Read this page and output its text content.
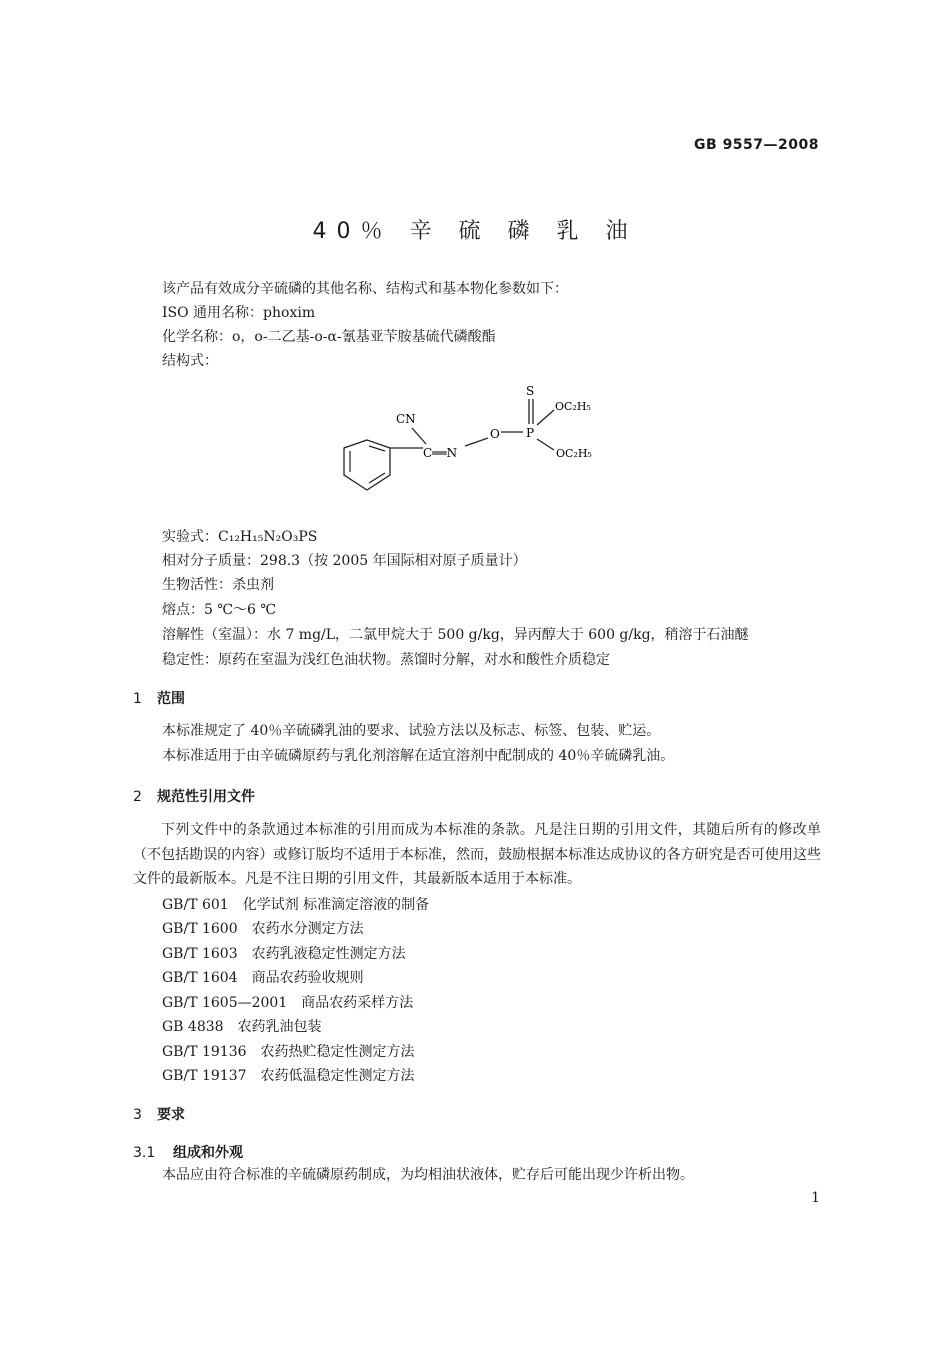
GB 9557—2008
40％ 辛 硫 磷 乳 油
该产品有效成分辛硫磷的其他名称、结构式和基本物化参数如下：
ISO 通用名称：phoxim
化学名称：o，o-二乙基-o-α-氰基亚苄胺基硫代磷酸酯
结构式：
S
CN
O P
OC₂H₅
OC₂H₅
C══N
实验式：C₁₂H₁₅N₂O₃PS
相对分子质量：298.3（按 2005 年国际相对原子质量计）
生物活性：杀虫剂
熔点：5 ℃～6 ℃
溶解性（室温）：水 7 mg/L，二氯甲烷大于 500 g/kg，异丙醇大于 600 g/kg，稍溶于石油醚
稳定性：原药在室温为浅红色油状物。蒸馏时分解，对水和酸性介质稳定
1 范围
本标准规定了 40％辛硫磷乳油的要求、试验方法以及标志、标签、包装、贮运。
本标准适用于由辛硫磷原药与乳化剂溶解在适宜溶剂中配制成的 40％辛硫磷乳油。
2 规范性引用文件
下列文件中的条款通过本标准的引用而成为本标准的条款。凡是注日期的引用文件，其随后所有的修改单（不包括勘误的内容）或修订版均不适用于本标准，然而，鼓励根据本标准达成协议的各方研究是否可使用这些文件的最新版本。凡是不注日期的引用文件，其最新版本适用于本标准。
GB/T 601 化学试剂 标准滴定溶液的制备
GB/T 1600 农药水分测定方法
GB/T 1603 农药乳液稳定性测定方法
GB/T 1604 商品农药验收规则
GB/T 1605—2001 商品农药采样方法
GB 4838 农药乳油包装
GB/T 19136 农药热贮稳定性测定方法
GB/T 19137 农药低温稳定性测定方法
3 要求
3.1 组成和外观
本品应由符合标准的辛硫磷原药制成，为均相油状液体，贮存后可能出现少许析出物。
1
